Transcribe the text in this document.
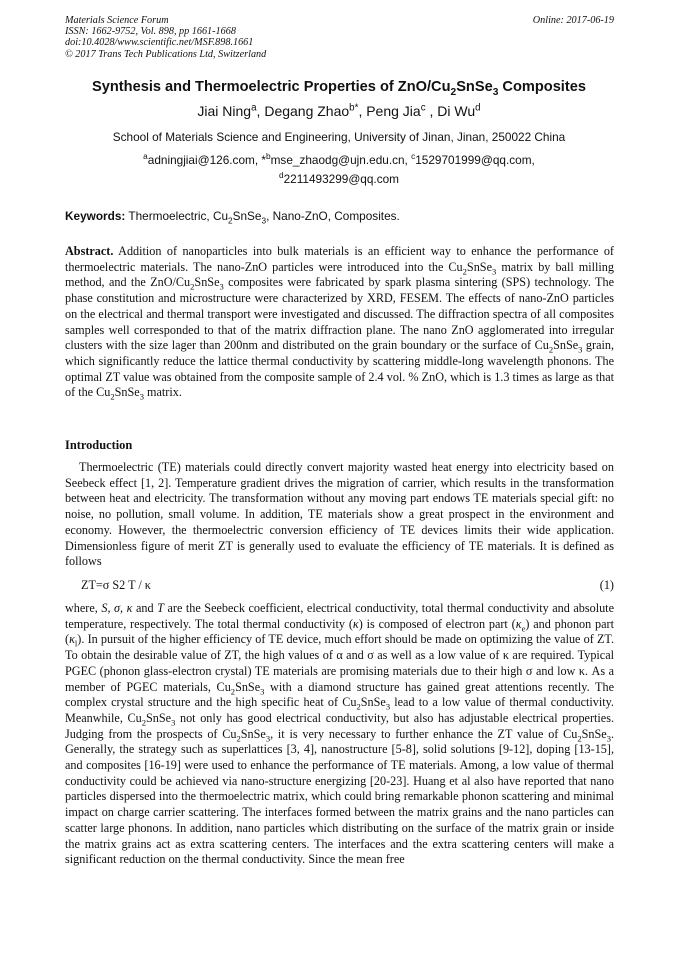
Materials Science Forum
ISSN: 1662-9752, Vol. 898, pp 1661-1668
doi:10.4028/www.scientific.net/MSF.898.1661
© 2017 Trans Tech Publications Ltd, Switzerland
Online: 2017-06-19
Synthesis and Thermoelectric Properties of ZnO/$Cu_2SnSe_3$ Composites
Jiai Ning$^a$, Degang Zhao$^{b*}$, Peng Jia$^c$ , Di Wu$^d$
School of Materials Science and Engineering, University of Jinan, Jinan, 250022 China
$^a$adningjiai@126.com, *$^b$mse_zhaodg@ujn.edu.cn, $^c$1529701999@qq.com,
$^d$2211493299@qq.com
Keywords: Thermoelectric, $Cu_2SnSe_3$, Nano-ZnO, Composites.
Abstract. Addition of nanoparticles into bulk materials is an efficient way to enhance the performance of thermoelectric materials. The nano-ZnO particles were introduced into the $Cu_2SnSe_3$ matrix by ball milling method, and the ZnO/$Cu_2SnSe_3$ composites were fabricated by spark plasma sintering (SPS) technology. The phase constitution and microstructure were characterized by XRD, FESEM. The effects of nano-ZnO particles on the electrical and thermal transport were investigated and discussed. The diffraction spectra of all composites samples well corresponded to that of the matrix diffraction plane. The nano ZnO agglomerated into irregular clusters with the size lager than 200nm and distributed on the grain boundary or the surface of $Cu_2SnSe_3$ grain, which significantly reduce the lattice thermal conductivity by scattering middle-long wavelength phonons. The optimal ZT value was obtained from the composite sample of 2.4 vol. % ZnO, which is 1.3 times as large as that of the $Cu_2SnSe_3$ matrix.
Introduction
Thermoelectric (TE) materials could directly convert majority wasted heat energy into electricity based on Seebeck effect [1, 2]. Temperature gradient drives the migration of carrier, which results in the transformation between heat and electricity. The transformation without any moving part endows TE materials special gift: no noise, no pollution, small volume. In addition, TE materials show a great prospect in the environment and economy. However, the thermoelectric conversion efficiency of TE devices limits their wide application. Dimensionless figure of merit ZT is generally used to evaluate the efficiency of TE materials. It is defined as follows
ZT=σ S2 T / κ	(1)
where, S, σ, κ and T are the Seebeck coefficient, electrical conductivity, total thermal conductivity and absolute temperature, respectively. The total thermal conductivity (κ) is composed of electron part $(\kappa_e)$ and phonon part $(\kappa_l)$. In pursuit of the higher efficiency of TE device, much effort should be made on optimizing the value of ZT. To obtain the desirable value of ZT, the high values of α and σ as well as a low value of κ are required. Typical PGEC (phonon glass-electron crystal) TE materials are promising materials due to their high σ and low κ. As a member of PGEC materials, $Cu_2SnSe_3$ with a diamond structure has gained great attentions recently. The complex crystal structure and the high specific heat of $Cu_2SnSe_3$ lead to a low value of thermal conductivity. Meanwhile, $Cu_2SnSe_3$ not only has good electrical conductivity, but also has adjustable electrical properties. Judging from the prospects of $Cu_2SnSe_3$, it is very necessary to further enhance the ZT value of $Cu_2SnSe_3$. Generally, the strategy such as superlattices [3, 4], nanostructure [5-8], solid solutions [9-12], doping [13-15], and composites [16-19] were used to enhance the performance of TE materials. Among, a low value of thermal conductivity could be achieved via nano-structure energizing [20-23]. Huang et al also have reported that nano particles dispersed into the thermoelectric matrix, which could bring remarkable phonon scattering and minimal impact on charge carrier scattering. The interfaces formed between the matrix grains and the nano particles can scatter large phonons. In addition, nano particles which distributing on the surface of the matrix grain or inside the matrix grains act as extra scattering centers. The interfaces and the extra scattering centers will make a significant reduction on the thermal conductivity. Since the mean free
